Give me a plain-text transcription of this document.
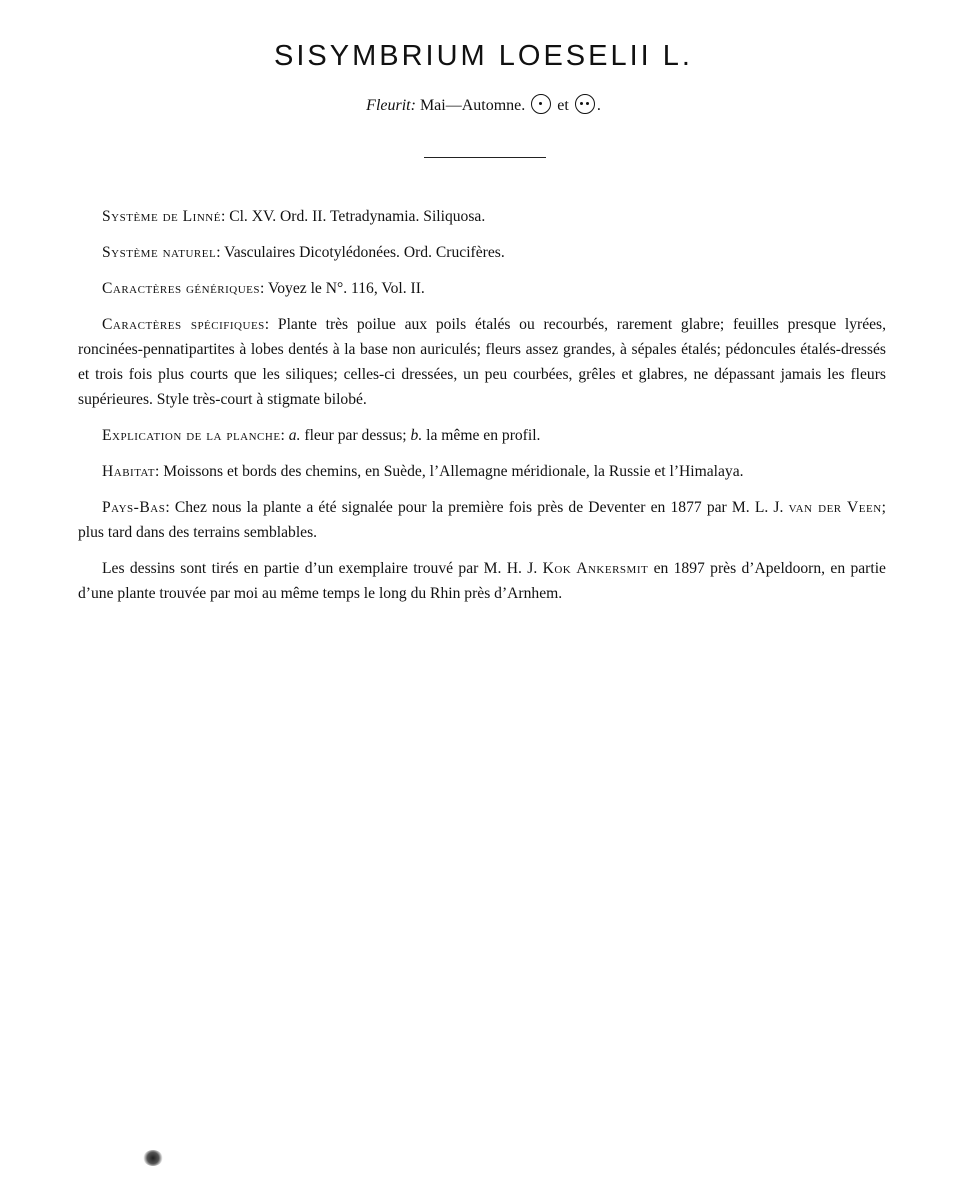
SISYMBRIUM LOESELII L.
Fleurit: Mai—Automne. et .

Système de Linné: Cl. XV. Ord. II. Tetradynamia. Siliquosa.

Système naturel: Vasculaires Dicotylédonées. Ord. Crucifères.

Caractères génériques: Voyez le N°. 116, Vol. II.

Caractères spécifiques: Plante très poilue aux poils étalés ou recourbés, rarement glabre; feuilles presque lyrées, roncinées-pennatipartites à lobes dentés à la base non auriculés; fleurs assez grandes, à sépales étalés; pédoncules étalés-dressés et trois fois plus courts que les siliques; celles-ci dressées, un peu courbées, grêles et glabres, ne dépassant jamais les fleurs supérieures. Style très-court à stigmate bilobé.

Explication de la planche: a. fleur par dessus; b. la même en profil.

Habitat: Moissons et bords des chemins, en Suède, l’Allemagne méridionale, la Russie et l’Himalaya.

Pays-Bas: Chez nous la plante a été signalée pour la première fois près de Deventer en 1877 par M. L. J. van der Veen; plus tard dans des terrains semblables.

Les dessins sont tirés en partie d’un exemplaire trouvé par M. H. J. Kok Ankersmit en 1897 près d’Apeldoorn, en partie d’une plante trouvée par moi au même temps le long du Rhin près d’Arnhem.
